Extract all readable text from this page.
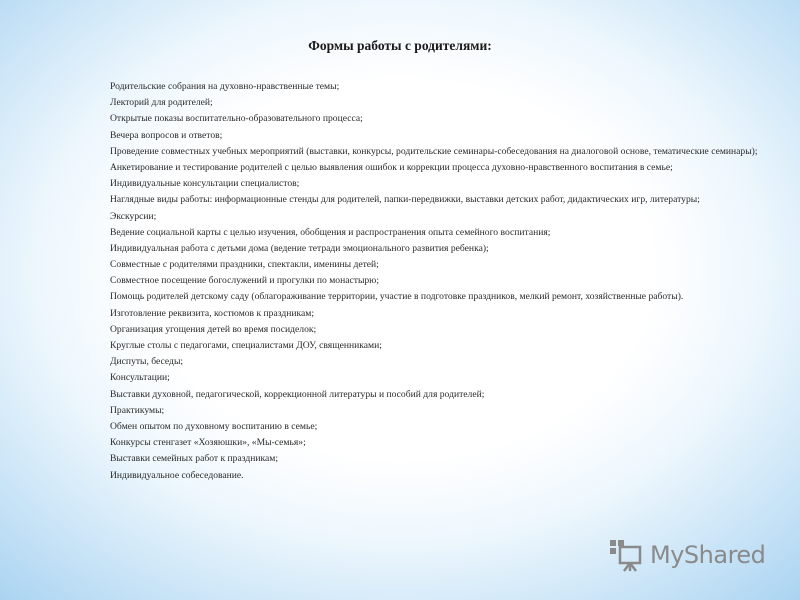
Формы работы с родителями:
Родительские собрания на духовно-нравственные темы;
Лекторий для родителей;
Открытые показы воспитательно-образовательного процесса;
Вечера вопросов и ответов;
Проведение совместных учебных мероприятий (выставки, конкурсы, родительские семинары-собеседования на диалоговой основе, тематические семинары);
Анкетирование и тестирование родителей с целью выявления ошибок и коррекции процесса духовно-нравственного воспитания в семье;
Индивидуальные консультации специалистов;
Наглядные виды работы: информационные стенды для родителей, папки-передвижки, выставки детских работ, дидактических игр, литературы;
Экскурсии;
Ведение социальной карты с целью изучения, обобщения и распространения опыта семейного воспитания;
Индивидуальная работа с детьми дома (ведение тетради эмоционального развития ребенка);
Совместные с родителями праздники, спектакли, именины детей;
Совместное посещение богослужений и прогулки по монастырю;
Помощь родителей детскому саду (облагораживание территории, участие в подготовке праздников, мелкий ремонт, хозяйственные работы).
Изготовление реквизита, костюмов к праздникам;
Организация угощения детей во время посиделок;
Круглые столы с педагогами, специалистами ДОУ, священниками;
Диспуты, беседы;
Консультации;
Выставки духовной, педагогической, коррекционной литературы и пособий для родителей;
Практикумы;
Обмен опытом по духовному воспитанию в семье;
Конкурсы стенгазет «Хозяюшки», «Мы-семья»;
Выставки семейных работ к праздникам;
Индивидуальное собеседование.
MyShared
